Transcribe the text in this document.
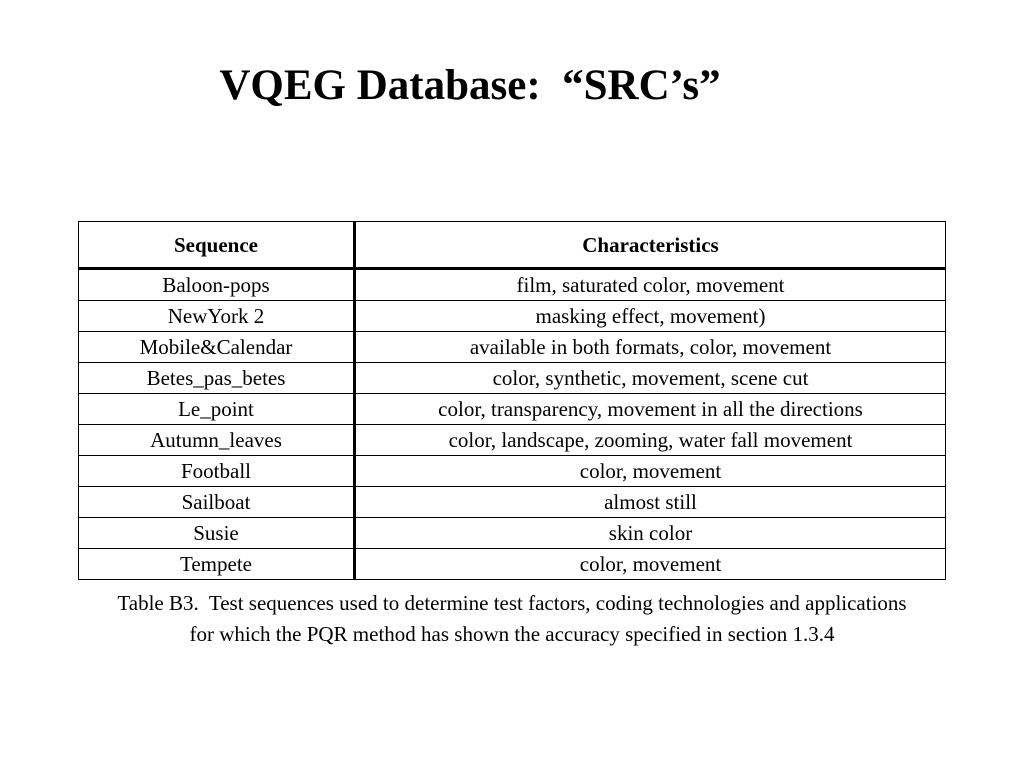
VQEG Database:  “SRC’s”
Sequence	Characteristics
Baloon-pops	film, saturated color, movement
NewYork 2	masking effect, movement)
Mobile&Calendar	available in both formats, color, movement
Betes_pas_betes	color, synthetic, movement, scene cut
Le_point	color, transparency, movement in all the directions
Autumn_leaves	color, landscape, zooming, water fall movement
Football	color, movement
Sailboat	almost still
Susie	skin color
Tempete	color, movement
Table B3.  Test sequences used to determine test factors, coding technologies and applications
for which the PQR method has shown the accuracy specified in section 1.3.4
